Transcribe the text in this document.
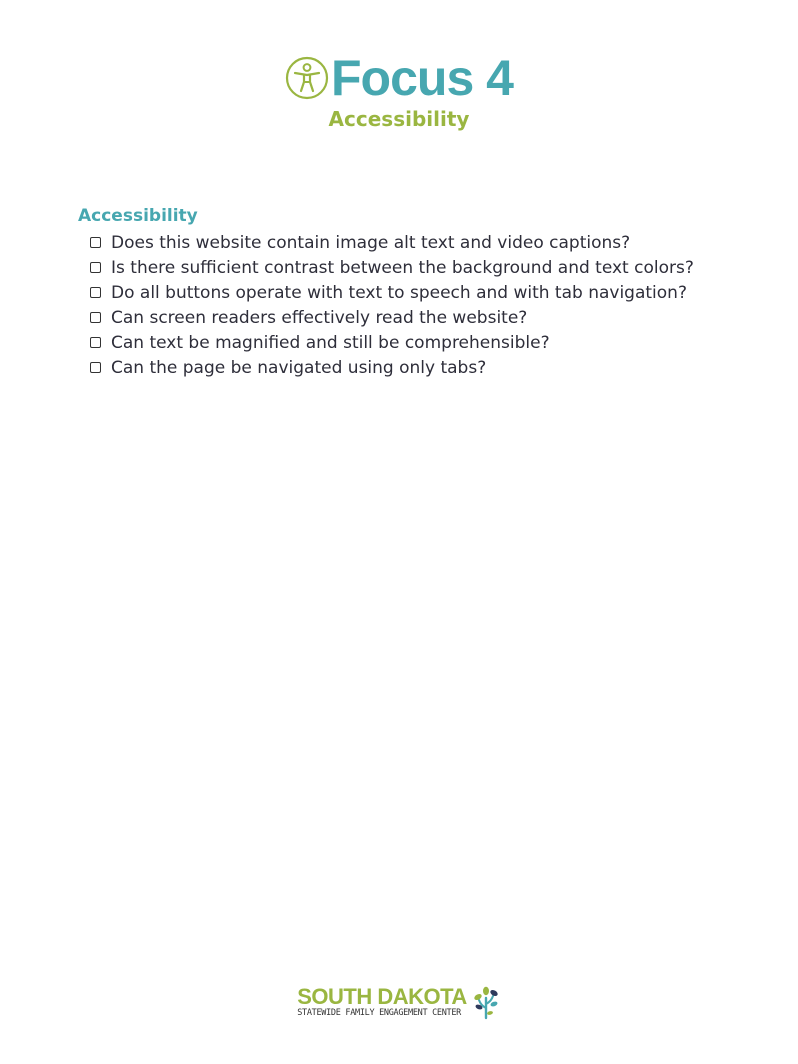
Focus 4
Accessibility
Accessibility
Does this website contain image alt text and video captions?
Is there sufficient contrast between the background and text colors?
Do all buttons operate with text to speech and with tab navigation?
Can screen readers effectively read the website?
Can text be magnified and still be comprehensible?
Can the page be navigated using only tabs?
SOUTH DAKOTA
STATEWIDE FAMILY ENGAGEMENT CENTER
